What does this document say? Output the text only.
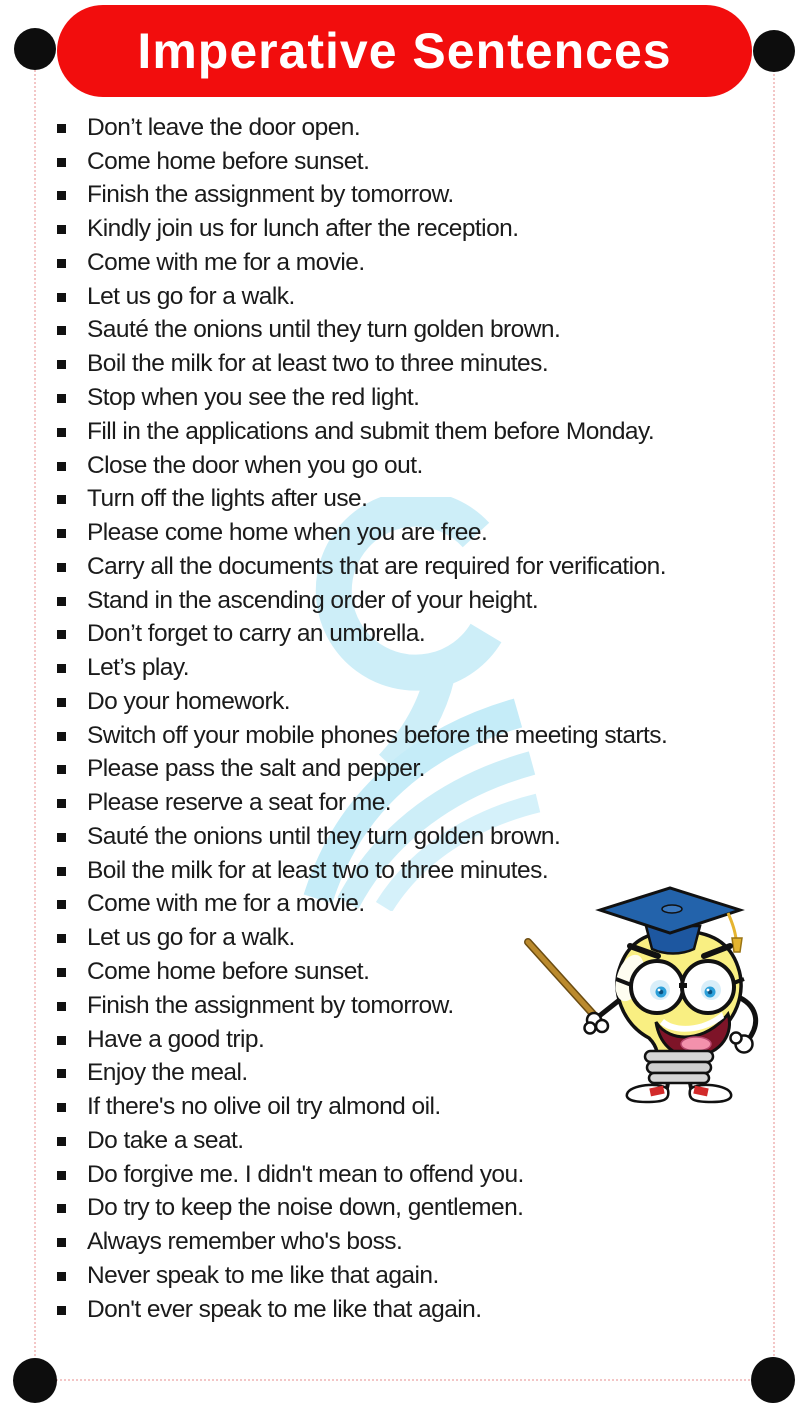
Imperative Sentences
Don’t leave the door open.
Come home before sunset.
Finish the assignment by tomorrow.
Kindly join us for lunch after the reception.
Come with me for a movie.
Let us go for a walk.
Sauté the onions until they turn golden brown.
Boil the milk for at least two to three minutes.
Stop when you see the red light.
Fill in the applications and submit them before Monday.
Close the door when you go out.
Turn off the lights after use.
Please come home when you are free.
Carry all the documents that are required for verification.
Stand in the ascending order of your height.
Don’t forget to carry an umbrella.
Let’s play.
Do your homework.
Switch off your mobile phones before the meeting starts.
Please pass the salt and pepper.
Please reserve a seat for me.
Sauté the onions until they turn golden brown.
Boil the milk for at least two to three minutes.
Come with me for a movie.
Let us go for a walk.
Come home before sunset.
Finish the assignment by tomorrow.
Have a good trip.
Enjoy the meal.
If there's no olive oil try almond oil.
Do take a seat.
Do forgive me. I didn't mean to offend you.
Do try to keep the noise down, gentlemen.
Always remember who's boss.
Never speak to me like that again.
Don't ever speak to me like that again.
